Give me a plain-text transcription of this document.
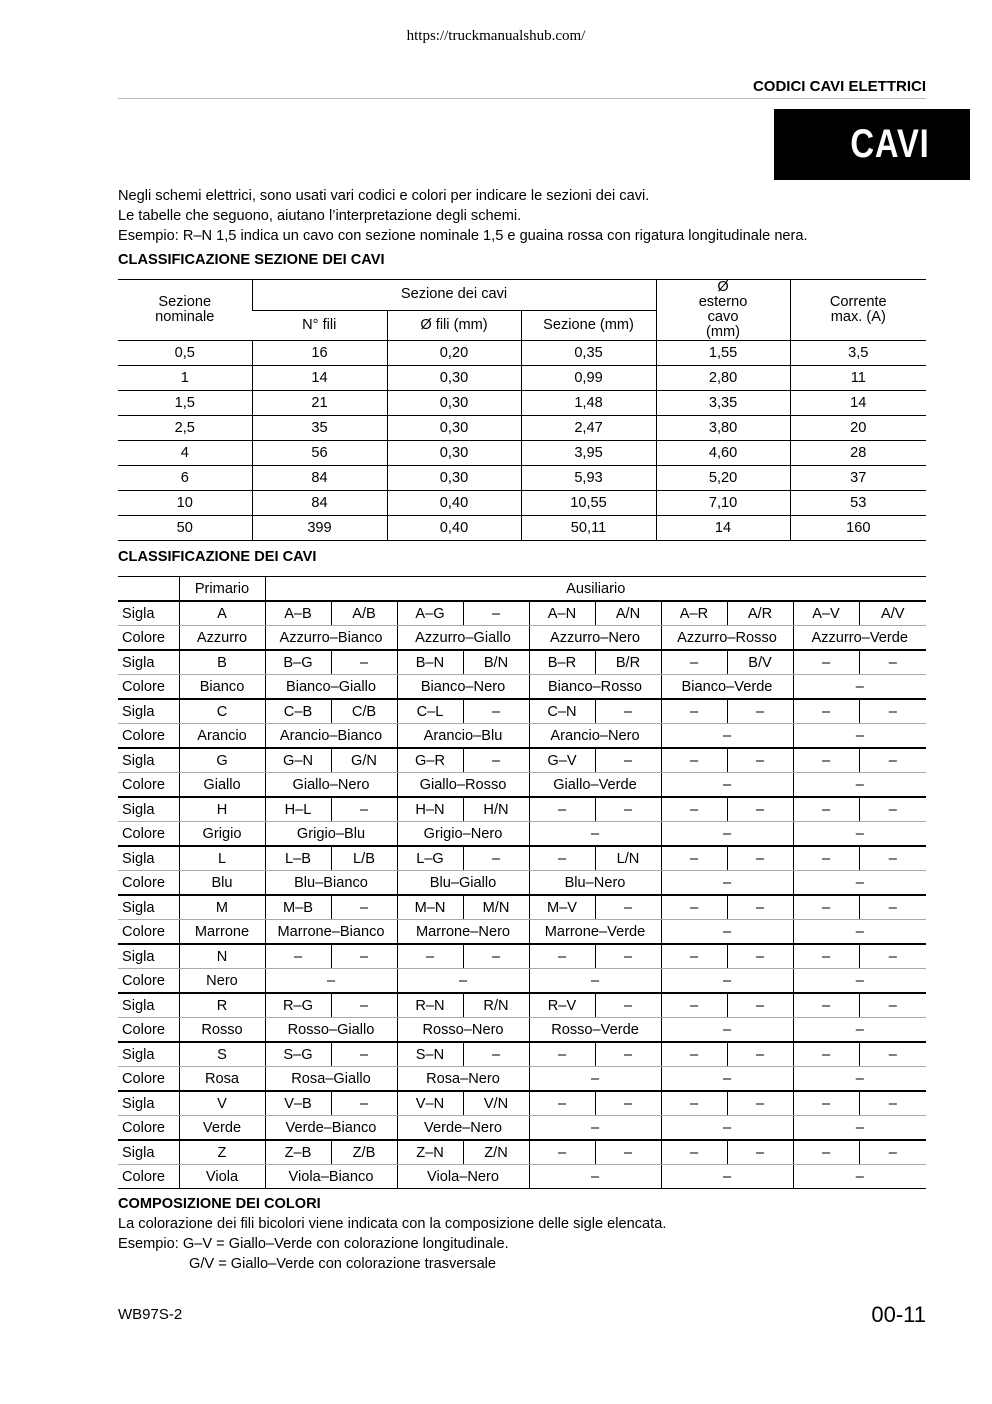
https://truckmanualshub.com/
CODICI CAVI ELETTRICI
CAVI
Negli schemi elettrici, sono usati vari codici e colori per indicare le sezioni dei cavi.
Le tabelle che seguono, aiutano l’interpretazione degli schemi.
Esempio: R–N 1,5 indica un cavo con sezione nominale 1,5 e guaina rossa con rigatura longitudinale nera.
CLASSIFICAZIONE SEZIONE DEI CAVI
Sezione nominale	Sezione dei cavi			Ø esterno cavo (mm)	Corrente max. (A)
	N° fili	Ø fili (mm)	Sezione (mm)		
0,5	16	0,20	0,35	1,55	3,5
1	14	0,30	0,99	2,80	11
1,5	21	0,30	1,48	3,35	14
2,5	35	0,30	2,47	3,80	20
4	56	0,30	3,95	4,60	28
6	84	0,30	5,93	5,20	37
10	84	0,40	10,55	7,10	53
50	399	0,40	50,11	14	160
CLASSIFICAZIONE DEI CAVI
	Primario	Ausiliario									
Sigla	A	A–B	A/B	A–G	–	A–N	A/N	A–R	A/R	A–V	A/V
Colore	Azzurro	Azzurro–Bianco		Azzurro–Giallo		Azzurro–Nero		Azzurro–Rosso		Azzurro–Verde	
Sigla	B	B–G	–	B–N	B/N	B–R	B/R	–	B/V	–	–
Colore	Bianco	Bianco–Giallo		Bianco–Nero		Bianco–Rosso		Bianco–Verde		–	
Sigla	C	C–B	C/B	C–L	–	C–N	–	–	–	–	–
Colore	Arancio	Arancio–Bianco		Arancio–Blu		Arancio–Nero		–		–	
Sigla	G	G–N	G/N	G–R	–	G–V	–	–	–	–	–
Colore	Giallo	Giallo–Nero		Giallo–Rosso		Giallo–Verde		–		–	
Sigla	H	H–L	–	H–N	H/N	–	–	–	–	–	–
Colore	Grigio	Grigio–Blu		Grigio–Nero		–		–		–	
Sigla	L	L–B	L/B	L–G	–	–	L/N	–	–	–	–
Colore	Blu	Blu–Bianco		Blu–Giallo		Blu–Nero		–		–	
Sigla	M	M–B	–	M–N	M/N	M–V	–	–	–	–	–
Colore	Marrone	Marrone–Bianco		Marrone–Nero		Marrone–Verde		–		–	
Sigla	N	–	–	–	–	–	–	–	–	–	–
Colore	Nero	–		–		–		–		–	
Sigla	R	R–G	–	R–N	R/N	R–V	–	–	–	–	–
Colore	Rosso	Rosso–Giallo		Rosso–Nero		Rosso–Verde		–		–	
Sigla	S	S–G	–	S–N	–	–	–	–	–	–	–
Colore	Rosa	Rosa–Giallo		Rosa–Nero		–		–		–	
Sigla	V	V–B	–	V–N	V/N	–	–	–	–	–	–
Colore	Verde	Verde–Bianco		Verde–Nero		–		–		–	
Sigla	Z	Z–B	Z/B	Z–N	Z/N	–	–	–	–	–	–
Colore	Viola	Viola–Bianco		Viola–Nero		–		–		–	
COMPOSIZIONE DEI COLORI
La colorazione dei fili bicolori viene indicata con la composizione delle sigle elencata.
Esempio: G–V = Giallo–Verde con colorazione longitudinale.
G/V = Giallo–Verde con colorazione trasversale
WB97S-2	00-11
